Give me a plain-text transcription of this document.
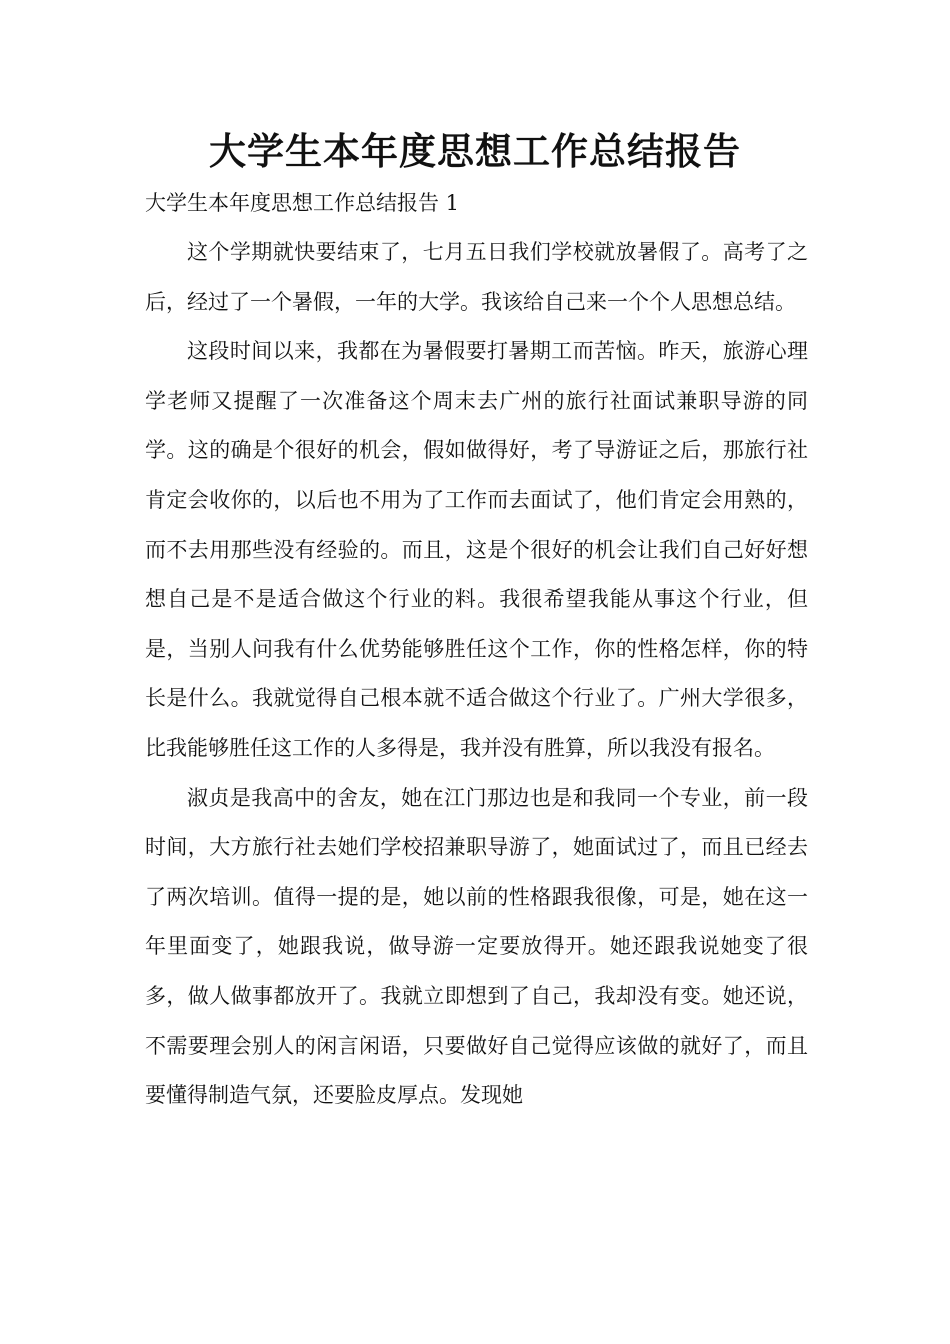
大学生本年度思想工作总结报告

大学生本年度思想工作总结报告 1

这个学期就快要结束了，七月五日我们学校就放暑假了。高考了之后，经过了一个暑假，一年的大学。我该给自己来一个个人思想总结。

这段时间以来，我都在为暑假要打暑期工而苦恼。昨天，旅游心理学老师又提醒了一次准备这个周末去广州的旅行社面试兼职导游的同学。这的确是个很好的机会，假如做得好，考了导游证之后，那旅行社肯定会收你的，以后也不用为了工作而去面试了，他们肯定会用熟的，而不去用那些没有经验的。而且，这是个很好的机会让我们自己好好想想自己是不是适合做这个行业的料。我很希望我能从事这个行业，但是，当别人问我有什么优势能够胜任这个工作，你的性格怎样，你的特长是什么。我就觉得自己根本就不适合做这个行业了。广州大学很多，比我能够胜任这工作的人多得是，我并没有胜算，所以我没有报名。

淑贞是我高中的舍友，她在江门那边也是和我同一个专业，前一段时间，大方旅行社去她们学校招兼职导游了，她面试过了，而且已经去了两次培训。值得一提的是，她以前的性格跟我很像，可是，她在这一年里面变了，她跟我说，做导游一定要放得开。她还跟我说她变了很多，做人做事都放开了。我就立即想到了自己，我却没有变。她还说，不需要理会别人的闲言闲语，只要做好自己觉得应该做的就好了，而且要懂得制造气氛，还要脸皮厚点。发现她
